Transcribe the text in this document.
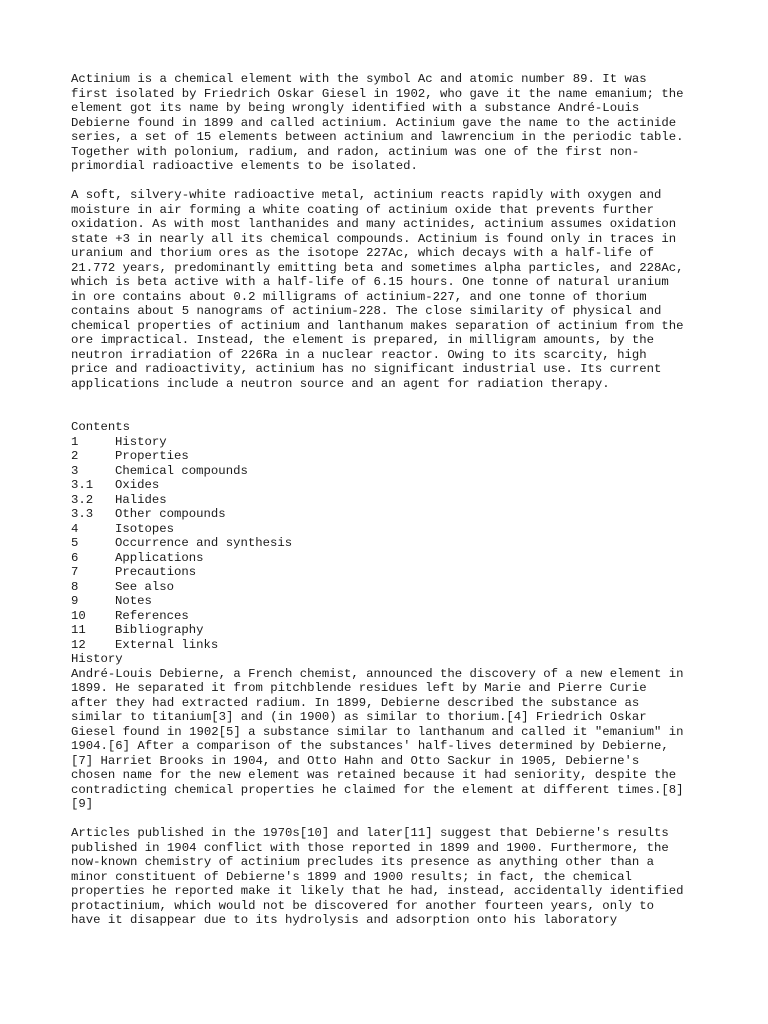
Actinium is a chemical element with the symbol Ac and atomic number 89. It was
first isolated by Friedrich Oskar Giesel in 1902, who gave it the name emanium; the
element got its name by being wrongly identified with a substance André-Louis
Debierne found in 1899 and called actinium. Actinium gave the name to the actinide
series, a set of 15 elements between actinium and lawrencium in the periodic table.
Together with polonium, radium, and radon, actinium was one of the first non-
primordial radioactive elements to be isolated.

A soft, silvery-white radioactive metal, actinium reacts rapidly with oxygen and
moisture in air forming a white coating of actinium oxide that prevents further
oxidation. As with most lanthanides and many actinides, actinium assumes oxidation
state +3 in nearly all its chemical compounds. Actinium is found only in traces in
uranium and thorium ores as the isotope 227Ac, which decays with a half-life of
21.772 years, predominantly emitting beta and sometimes alpha particles, and 228Ac,
which is beta active with a half-life of 6.15 hours. One tonne of natural uranium
in ore contains about 0.2 milligrams of actinium-227, and one tonne of thorium
contains about 5 nanograms of actinium-228. The close similarity of physical and
chemical properties of actinium and lanthanum makes separation of actinium from the
ore impractical. Instead, the element is prepared, in milligram amounts, by the
neutron irradiation of 226Ra in a nuclear reactor. Owing to its scarcity, high
price and radioactivity, actinium has no significant industrial use. Its current
applications include a neutron source and an agent for radiation therapy.

Contents
1	History
2	Properties
3	Chemical compounds
3.1	Oxides
3.2	Halides
3.3	Other compounds
4	Isotopes
5	Occurrence and synthesis
6	Applications
7	Precautions
8	See also
9	Notes
10	References
11	Bibliography
12	External links
History

André-Louis Debierne, a French chemist, announced the discovery of a new element in
1899. He separated it from pitchblende residues left by Marie and Pierre Curie
after they had extracted radium. In 1899, Debierne described the substance as
similar to titanium[3] and (in 1900) as similar to thorium.[4] Friedrich Oskar
Giesel found in 1902[5] a substance similar to lanthanum and called it "emanium" in
1904.[6] After a comparison of the substances' half-lives determined by Debierne,
[7] Harriet Brooks in 1904, and Otto Hahn and Otto Sackur in 1905, Debierne's
chosen name for the new element was retained because it had seniority, despite the
contradicting chemical properties he claimed for the element at different times.[8]
[9]

Articles published in the 1970s[10] and later[11] suggest that Debierne's results
published in 1904 conflict with those reported in 1899 and 1900. Furthermore, the
now-known chemistry of actinium precludes its presence as anything other than a
minor constituent of Debierne's 1899 and 1900 results; in fact, the chemical
properties he reported make it likely that he had, instead, accidentally identified
protactinium, which would not be discovered for another fourteen years, only to
have it disappear due to its hydrolysis and adsorption onto his laboratory
